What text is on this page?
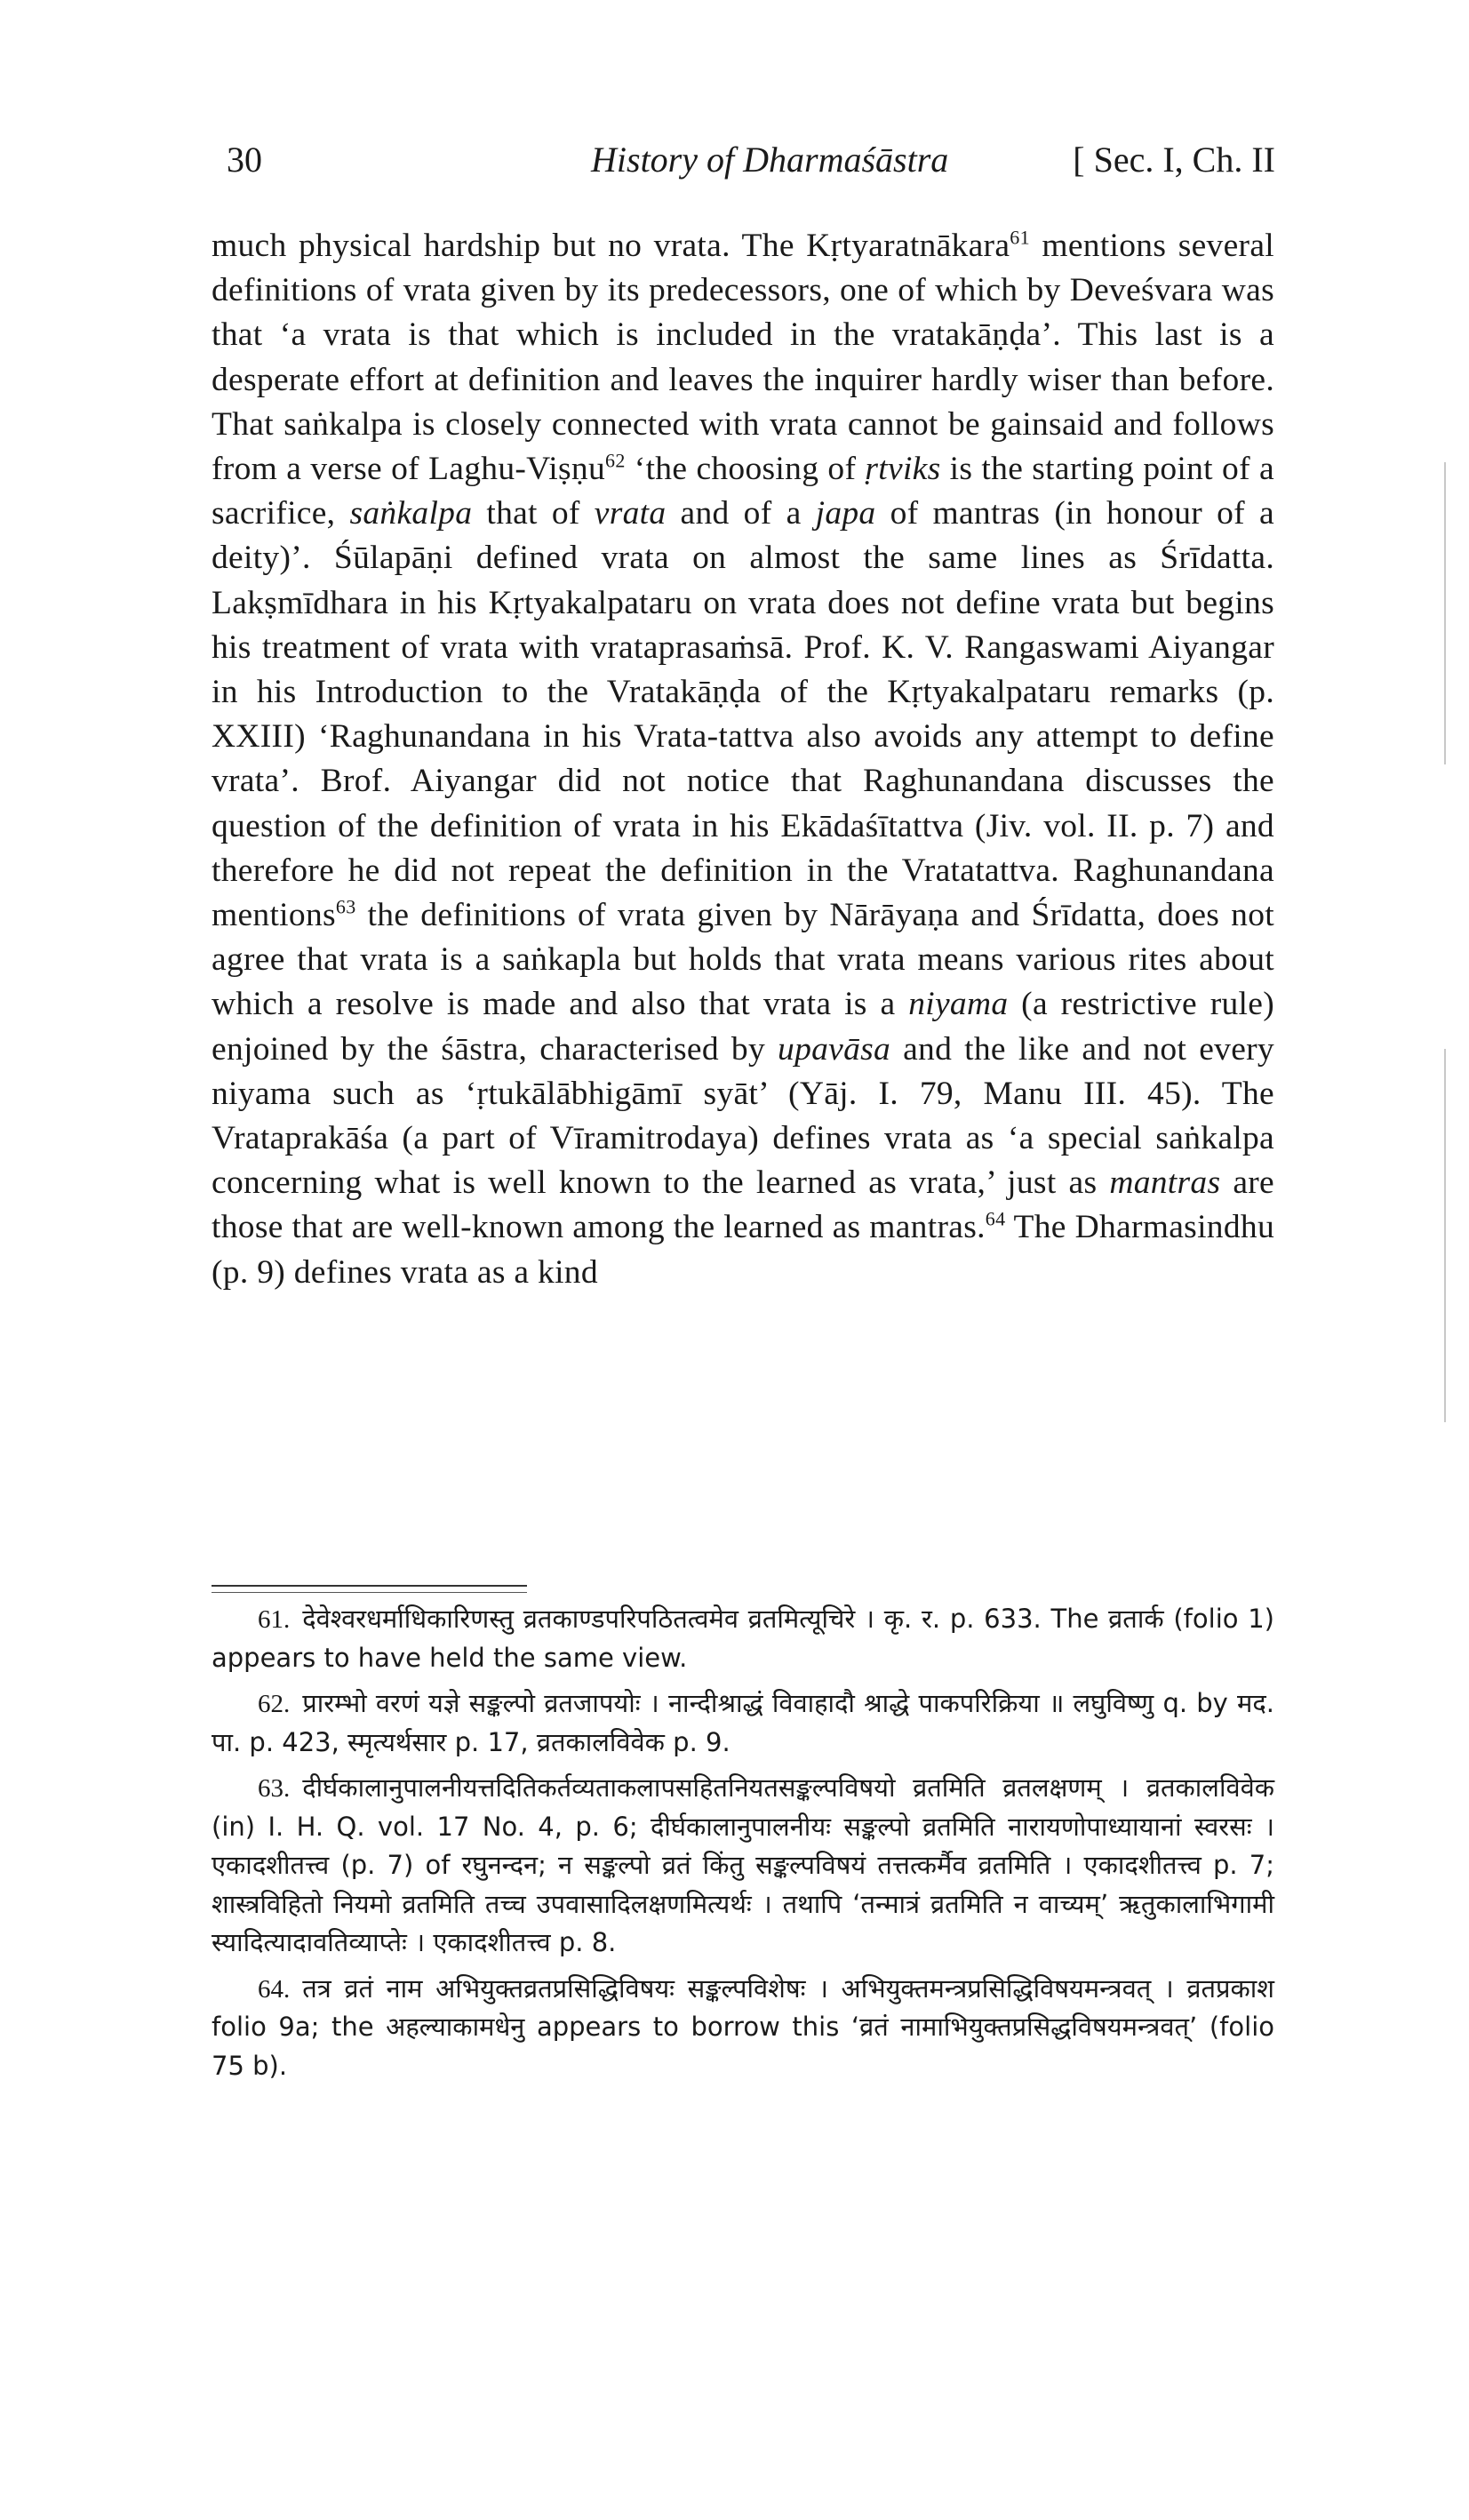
30	History of Dharmaśāstra	[ Sec. I, Ch. II

much physical hardship but no vrata. The Kṛtyaratnākara$^{61}$ mentions several definitions of vrata given by its predecessors, one of which by Deveśvara was that ‘a vrata is that which is included in the vratakāṇḍa’. This last is a desperate effort at definition and leaves the inquirer hardly wiser than before. That saṅkalpa is closely connected with vrata cannot be gainsaid and follows from a verse of Laghu-Viṣṇu$^{62}$ ‘the choosing of ṛtviks is the starting point of a sacrifice, saṅkalpa that of vrata and of a japa of mantras (in honour of a deity)’. Śūlapāṇi defined vrata on almost the same lines as Śrīdatta. Lakṣmīdhara in his Kṛtyakalpataru on vrata does not define vrata but begins his treatment of vrata with vrataprasaṁsā. Prof. K. V. Rangaswami Aiyangar in his Introduction to the Vratakāṇḍa of the Kṛtyakalpataru remarks (p. XXIII) ‘Raghunandana in his Vrata-tattva also avoids any attempt to define vrata’. Brof. Aiyangar did not notice that Raghunandana discusses the question of the definition of vrata in his Ekādaśītattva (Jiv. vol. II. p. 7) and therefore he did not repeat the definition in the Vratatattva. Raghunandana mentions$^{63}$ the definitions of vrata given by Nārāyaṇa and Śrīdatta, does not agree that vrata is a saṅkapla but holds that vrata means various rites about which a resolve is made and also that vrata is a niyama (a restrictive rule) enjoined by the śāstra, characterised by upavāsa and the like and not every niyama such as ‘ṛtukālābhigāmī syāt’ (Yāj. I. 79, Manu III. 45). The Vrataprakāśa (a part of Vīramitrodaya) defines vrata as ‘a special saṅkalpa concerning what is well known to the learned as vrata,’ just as mantras are those that are well-known among the learned as mantras.$^{64}$ The Dharmasindhu (p. 9) defines vrata as a kind

61. देवेश्वरधर्माधिकारिणस्तु व्रतकाण्डपरिपठितत्वमेव व्रतमित्यूचिरे । कृ. र. p. 633. The व्रतार्क (folio 1) appears to have held the same view.

62. प्रारम्भो वरणं यज्ञे सङ्कल्पो व्रतजापयोः । नान्दीश्राद्धं विवाहादौ श्राद्धे पाकपरिक्रिया ॥ लघुविष्णु q. by मद. पा. p. 423, स्मृत्यर्थसार p. 17, व्रतकालविवेक p. 9.

63. दीर्घकालानुपालनीयत्तदितिकर्तव्यताकलापसहितनियतसङ्कल्पविषयो व्रतमिति व्रतलक्षणम् । व्रतकालविवेक (in) I. H. Q. vol. 17 No. 4, p. 6; दीर्घकालानुपालनीयः सङ्कल्पो व्रतमिति नारायणोपाध्यायानां स्वरसः । एकादशीतत्त्व (p. 7) of रघुनन्दन; न सङ्कल्पो व्रतं किंतु सङ्कल्पविषयं तत्तत्कर्मैव व्रतमिति । एकादशीतत्त्व p. 7; शास्त्रविहितो नियमो व्रतमिति तच्च उपवासादिलक्षणमित्यर्थः । तथापि ‘तन्मात्रं व्रतमिति न वाच्यम्’ ऋतुकालाभिगामी स्यादित्यादावतिव्याप्तेः । एकादशीतत्त्व p. 8.

64. तत्र व्रतं नाम अभियुक्तव्रतप्रसिद्धिविषयः सङ्कल्पविशेषः । अभियुक्तमन्त्रप्रसिद्धिविषयमन्त्रवत् । व्रतप्रकाश folio 9a; the अहल्याकामधेनु appears to borrow this ‘व्रतं नामाभियुक्तप्रसिद्धविषयमन्त्रवत्’ (folio 75 b).
